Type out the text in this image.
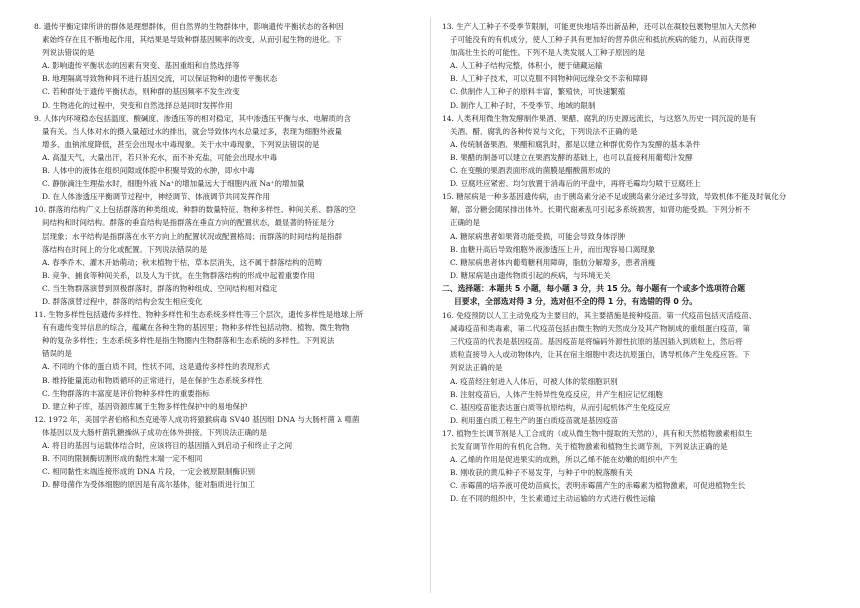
8. 遗传平衡定律所讲的群体是理想群体，但自然界的生物群体中，影响遗传平衡状态的各种因
素始终存在且不断地起作用，其结果是导致种群基因频率的改变，从而引起生物的进化。下
列说法错误的是
A. 影响遗传平衡状态的因素有突变、基因重组和自然选择等
B. 地理隔离导致物种间不进行基因交流，可以保证物种的遗传平衡状态
C. 若种群处于遗传平衡状态，则种群的基因频率不发生改变
D. 生物进化的过程中，突变和自然选择总是同时发挥作用
9. 人体内环境稳态包括温度、酸碱度、渗透压等的相对稳定，其中渗透压平衡与水、电解质的含
量有关。当人体对水的摄入量超过水的排出，就会导致体内水总量过多，表现为细胞外液量
增多、血钠浓度降低，甚至会出现水中毒现象。关于水中毒现象，下列说法错误的是
A. 高温天气，大量出汗，若只补充水，而不补充盐，可能会出现水中毒
B. 人体中的液体在组织间隙或体腔中积聚导致的水肿，即水中毒
C. 静脉滴注生理盐水时，细胞外液 Na⁺的增加量远大于细胞内液 Na⁺的增加量
D. 在人体渗透压平衡调节过程中，神经调节、体液调节共同发挥作用
10. 群落的结构广义上包括群落的种类组成、种群的数量特征、物种多样性、种间关系、群落的空
间结构和时间结构。群落的垂直结构是指群落在垂直方向的配置状态，最显著的特征是分
层现象；水平结构是指群落在水平方向上的配置状况或配置格局；而群落的时间结构是指群
落结构在时间上的分化或配置。下列说法错误的是
A. 春季乔木、灌木开始萌动；秋末植物干枯，草本层消失，这不属于群落结构的范畴
B. 竞争、捕食等种间关系，以及人为干扰，在生物群落结构的形成中起着重要作用
C. 当生物群落演替到顶极群落时，群落的物种组成、空间结构相对稳定
D. 群落演替过程中，群落的结构会发生相应变化
11. 生物多样性包括遗传多样性、物种多样性和生态系统多样性等三个层次，遗传多样性是地球上所
有有遗传变异信息的综合，蕴藏在各种生物的基因里；物种多样性包括动物、植物、微生物物
种的复杂多样性；生态系统多样性是指生物圈内生物群落和生态系统的多样性。下列说法
错误的是
A. 不同的个体的蛋白质不同，性状不同，这是遗传多样性的表现形式
B. 维持能量流动和物质循环的正常进行，是在保护生态系统多样性
C. 生物群落的丰富度是评价物种多样性的重要指标
D. 建立种子库，基因资源库属于生物多样性保护中的易地保护
12. 1972 年，美国学者伯格和杰克逊等人成功将猿猴病毒 SV40 基因组 DNA 与大肠杆菌 λ 噬菌
体基因以及大肠杆菌乳糖操纵子成功在体外拼接。下列说法正确的是
A. 将目的基因与运载体结合时，应该将目的基因插入到启动子和终止子之间
B. 不同的限制酶切割形成的黏性末端一定不相同
C. 相同黏性末端连接形成的 DNA 片段，一定会被原限制酶识别
D. 酵母菌作为受体细胞的原因是有高尔基体，能对脂质进行加工
13. 生产人工种子不受季节限制，可能更快地培养出新品种，还可以在凝胶包裹物里加入天然种
子可能没有的有机成分，使人工种子具有更加好的营养供应和抵抗疾病的能力，从而获得更
加高壮生长的可能性。下列不是人类发展人工种子原因的是
A. 人工种子结构完整，体积小，便于储藏运输
B. 人工种子技术，可以克服不同物种间远缘杂交不亲和障碍
C. 供制作人工种子的原料丰富，繁殖快，可快速繁殖
D. 制作人工种子时，不受季节、地域的限制
14. 人类利用微生物发酵制作果酒、果醋、腐乳的历史源远流长，与这悠久历史一同沉淀的是有
关酒、醋、腐乳的各种传说与文化，下列说法不正确的是
A. 传统制备果酒、果醋和腐乳时，都是以建立种群优势作为发酵的基本条件
B. 果醋的制备可以建立在果酒发酵的基础上，也可以直接利用葡萄汁发酵
C. 在变酸的果酒表面形成的菌膜是醋酸菌形成的
D. 豆腐坯应紧密、均匀放置于消毒后的平盘中，再将毛霉均匀喷于豆腐坯上
15. 糖尿病是一种多基因遗传病，由于胰岛素分泌不足或胰岛素分泌过多导致，导致机体不能及时氧化分
解，部分糖会随尿排出体外。长期代谢紊乱可引起多系统损害，如肾功能受损。下列分析不
正确的是
A. 糖尿病患者如果肾功能受损，可能会导致身体浮肿
B. 血糖升高后导致细胞外液渗透压上升，而出现容易口渴现象
C. 糖尿病患者体内葡萄糖利用障碍，脂肪分解增多，患者消瘦
D. 糖尿病是由遗传物质引起的疾病，与环境无关
二、选择题：本题共 5 小题，每小题 3 分，共 15 分。每小题有一个或多个选项符合题
目要求，全部选对得 3 分，选对但不全的得 1 分，有选错的得 0 分。
16. 免疫预防以人工主动免疫为主要目的，其主要措施是接种疫苗。第一代疫苗包括灭活疫苗、
减毒疫苗和类毒素，第二代疫苗包括由微生物的天然成分及其产物制成的重组蛋白疫苗，第
三代疫苗的代表是基因疫苗。基因疫苗是将编码外源性抗原的基因插入到质粒上，然后将
质粒直接导入人或动物体内，让其在宿主细胞中表达抗原蛋白，诱导机体产生免疫应答。下
列说法正确的是
A. 疫苗经注射进入人体后，可被人体的浆细胞识别
B. 注射疫苗后，人体产生特异性免疫反应，并产生相应记忆细胞
C. 基因疫苗能表达蛋白质等抗原结构，从而引起机体产生免疫反应
D. 利用蛋白质工程生产的蛋白质疫苗就是基因疫苗
17. 植物生长调节剂是人工合成的（或从微生物中提取的天然的），具有和天然植物激素相似生
长发育调节作用的有机化合物。关于植物激素和植物生长调节剂，下列说法正确的是
A. 乙烯的作用是促进果实的成熟，所以乙烯不能在幼嫩的组织中产生
B. 刚收获的黄瓜种子不易发芽，与种子中的脱落酸有关
C. 赤霉菌的培养液可使幼苗疯长，表明赤霉菌产生的赤霉素为植物激素，可促进植物生长
D. 在不同的组织中，生长素通过主动运输的方式进行极性运输
